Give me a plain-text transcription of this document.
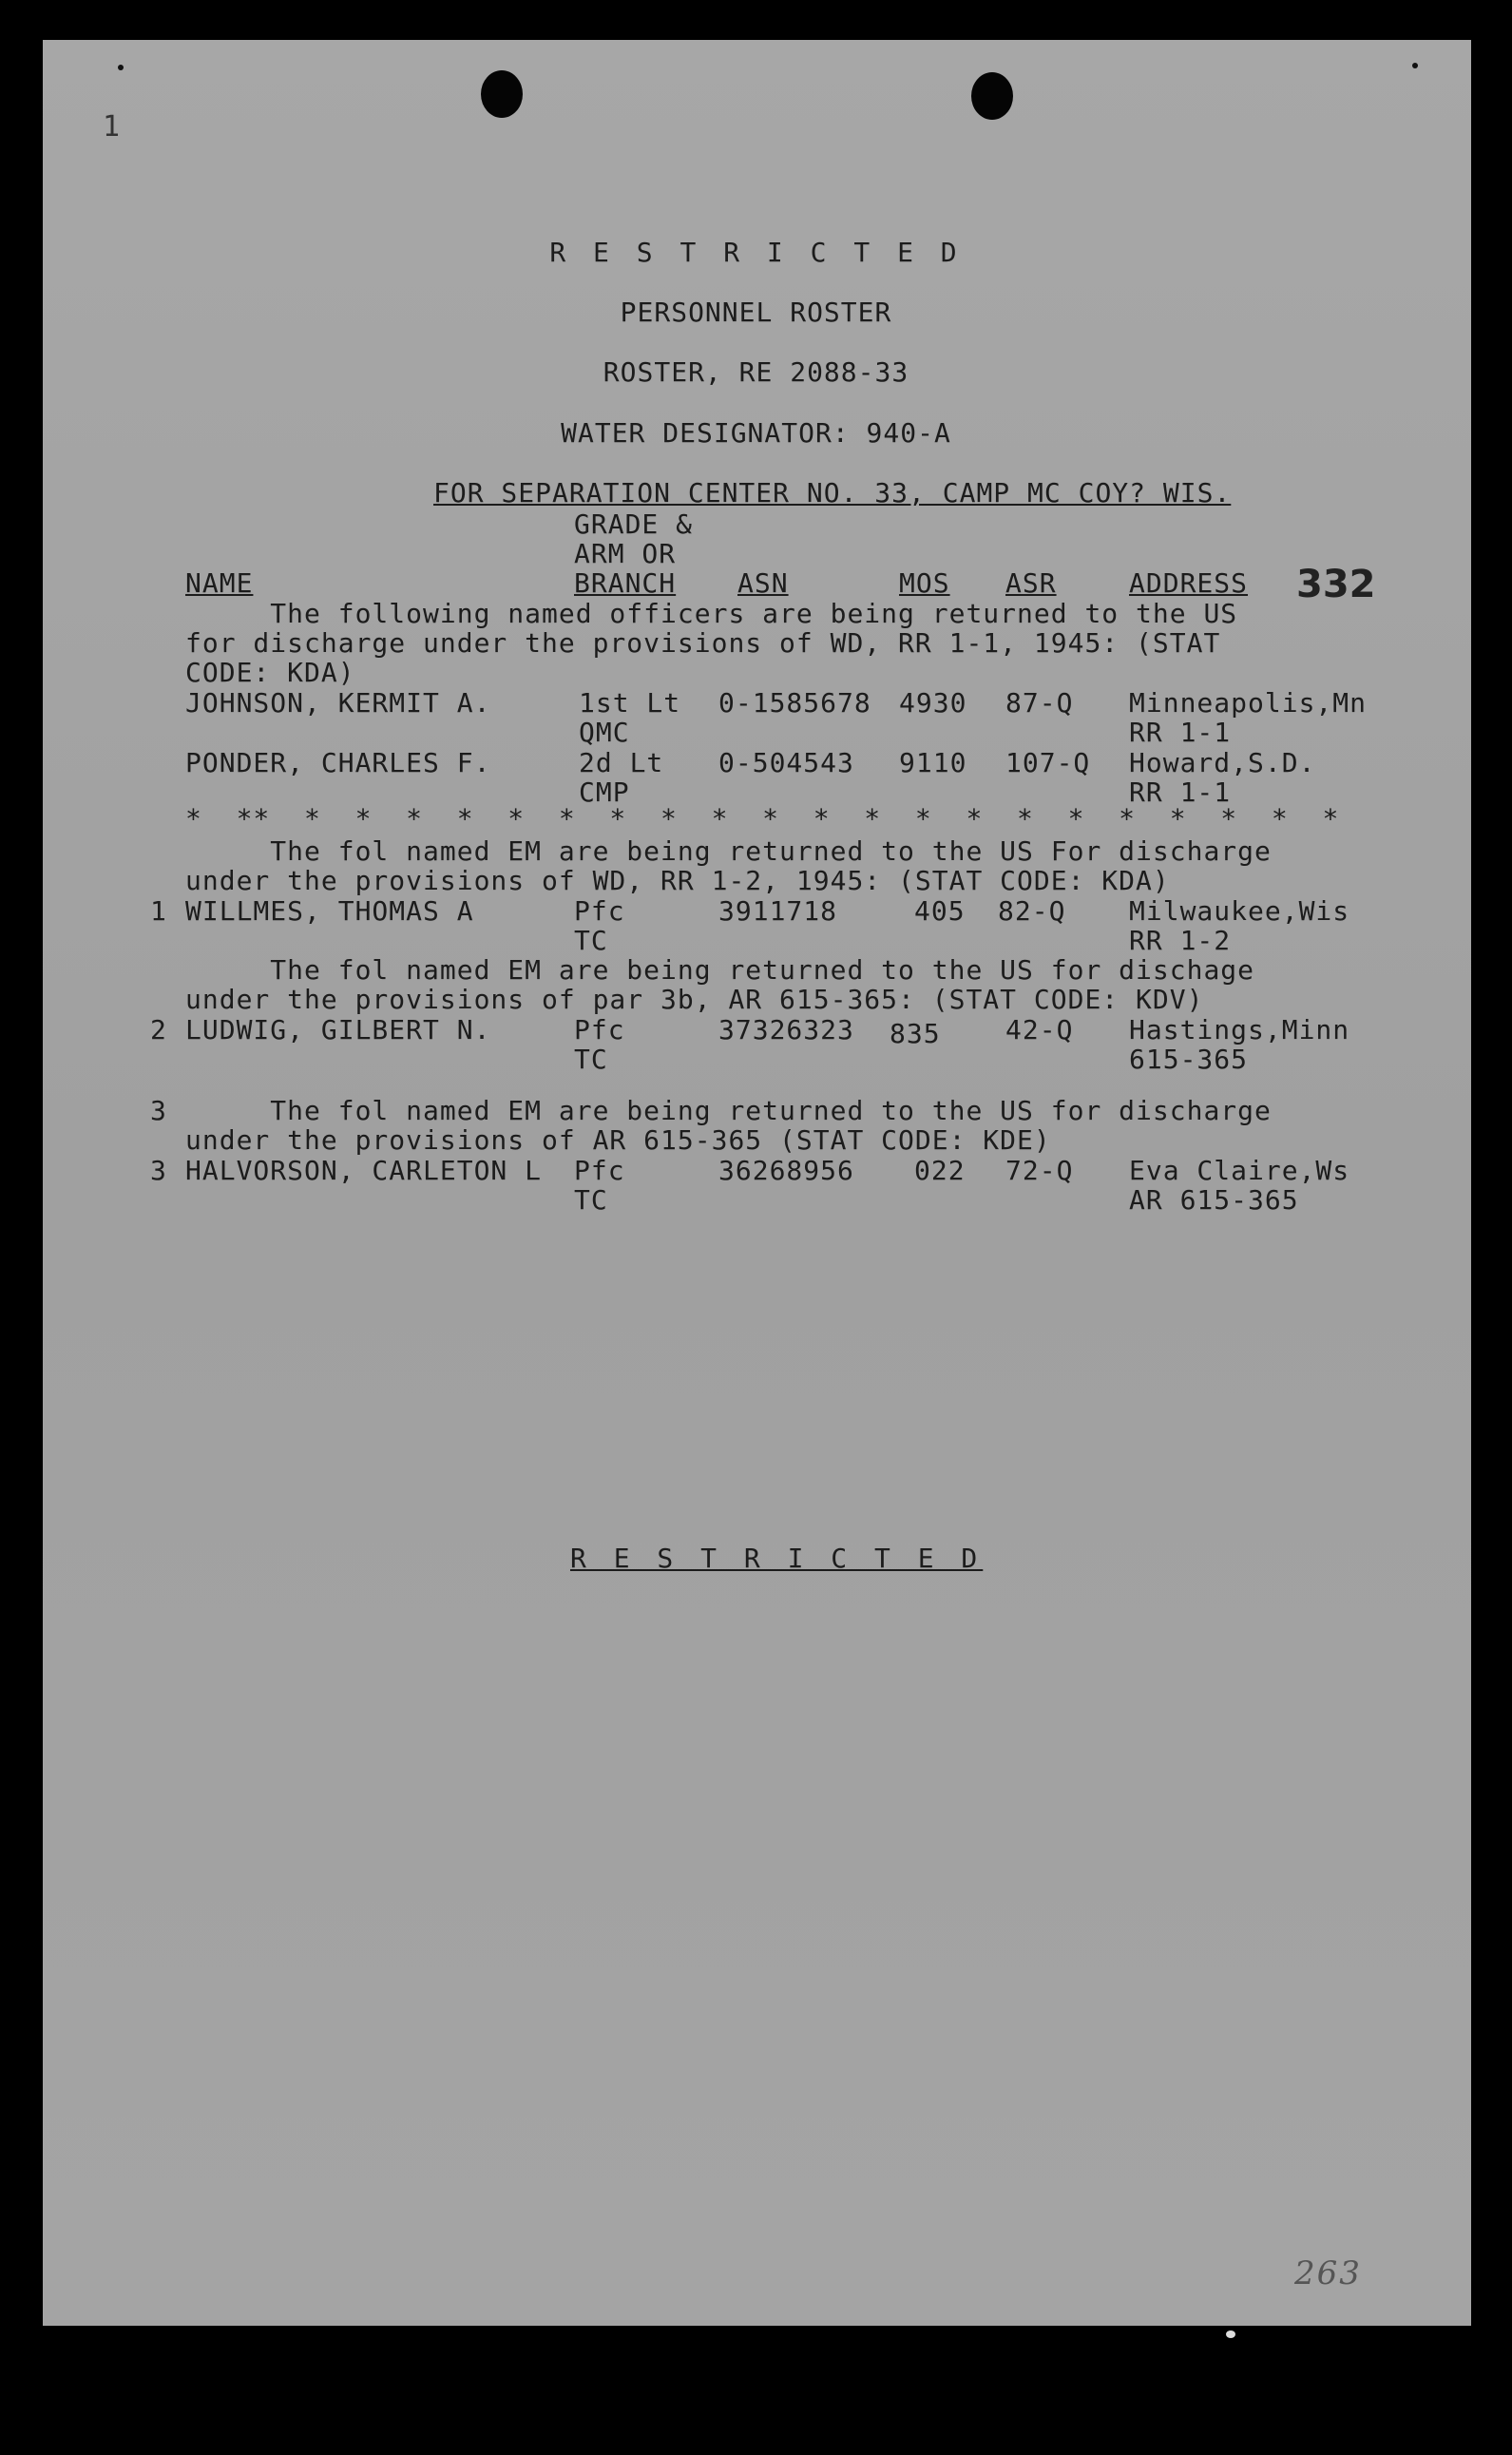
1
R E S T R I C T E D
PERSONNEL ROSTER
ROSTER, RE 2088-33
WATER DESIGNATOR: 940-A
FOR SEPARATION CENTER NO. 33, CAMP MC COY? WIS.
GRADE &
ARM OR
NAME	BRANCH ASN	MOS ASR	ADDRESS 332
The following named officers are being returned to the US
for discharge under the provisions of WD, RR 1-1, 1945: (STAT
CODE: KDA)
JOHNSON, KERMIT A.	1st Lt 0-1585678 4930 87-Q Minneapolis,Mn
QMC	RR 1-1
PONDER, CHARLES F.	2d Lt 0-504543 9110 107-Q Howard,S.D.
CMP	RR 1-1
*  **  *  *  *  *  *  *  *  *  *  *  *  *  *  *  *  *  *  *  *  *  *
The fol named EM are being returned to the US For discharge
under the provisions of WD, RR 1-2, 1945: (STAT CODE: KDA)
1 WILLMES, THOMAS A	Pfc	3911718	405 82-Q Milwaukee,Wis
TC	RR 1-2
The fol named EM are being returned to the US for dischage
under the provisions of par 3b, AR 615-365: (STAT CODE: KDV)
2 LUDWIG, GILBERT N.	Pfc	37326323 835 42-Q Hastings,Minn
TC	615-365
3 The fol named EM are being returned to the US for discharge
under the provisions of AR 615-365 (STAT CODE: KDE)
3 HALVORSON, CARLETON L Pfc	36268956 022 72-Q Eva Claire,Ws
TC	AR 615-365
R E S T R I C T E D
263
